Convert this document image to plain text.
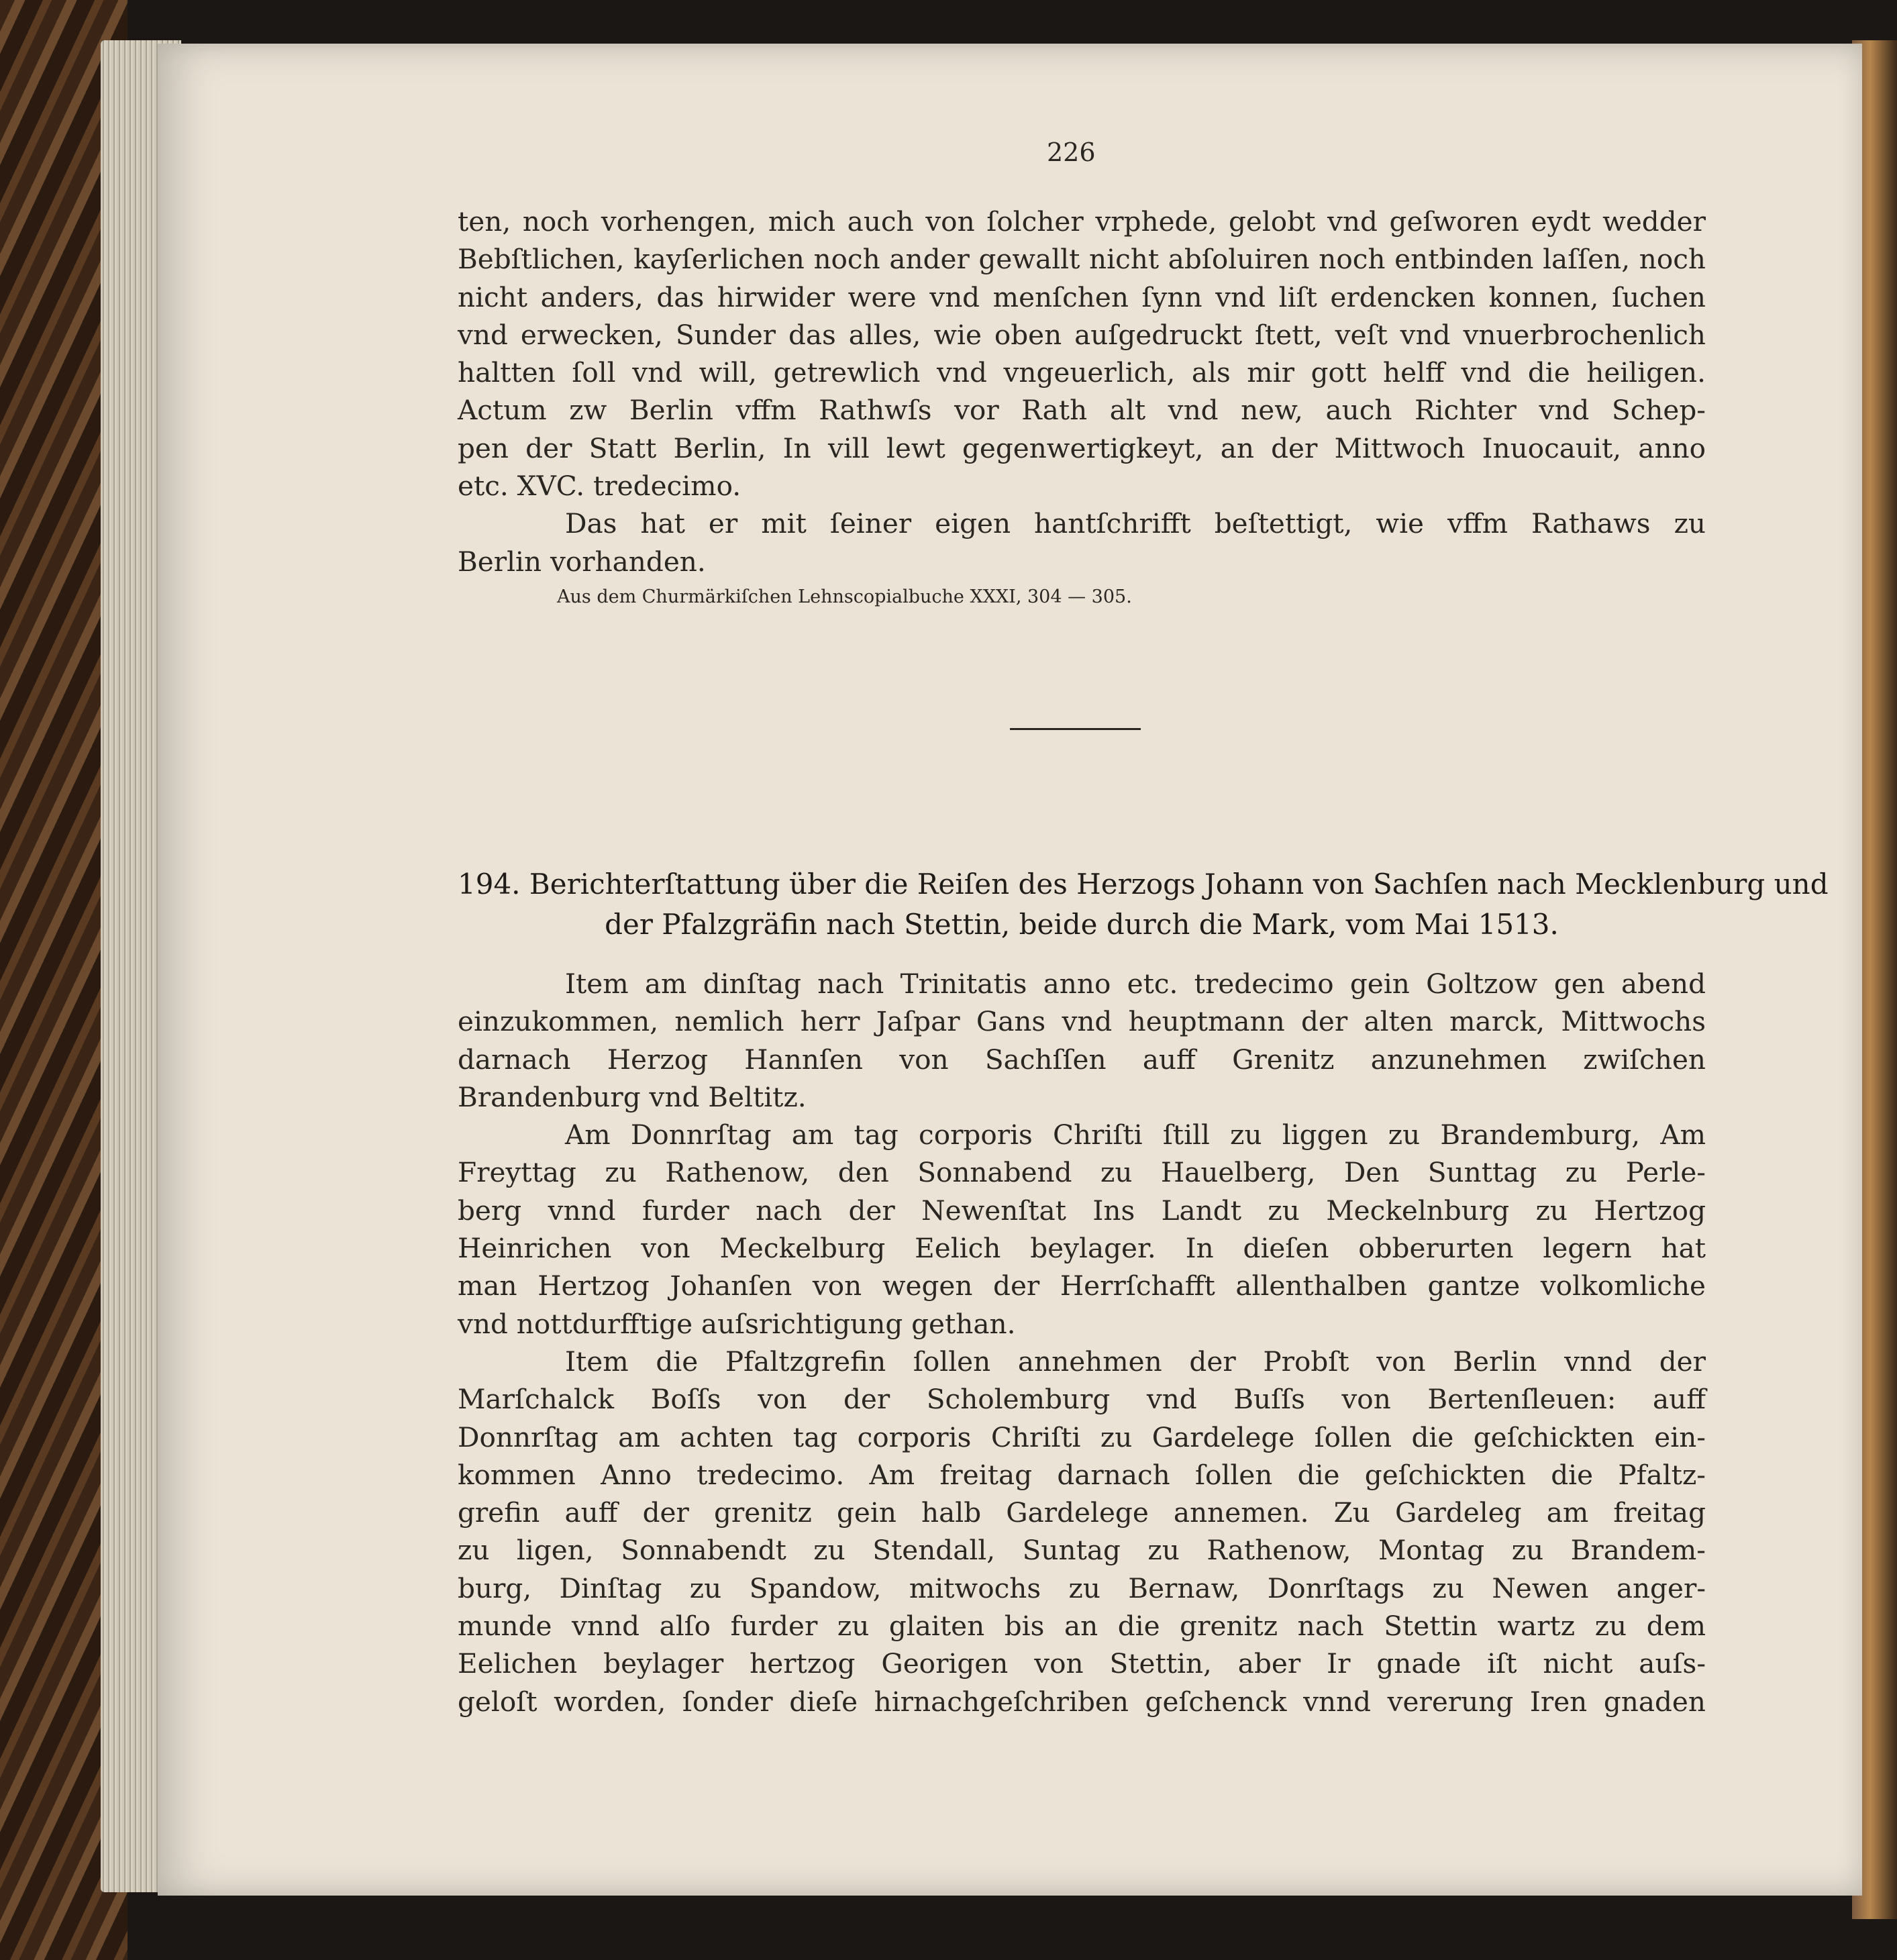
226
ten, noch vorhengen, mich auch von ſolcher vrphede, gelobt vnd geſworen eydt wedder
Bebſtlichen, kayſerlichen noch ander gewallt nicht abſoluiren noch entbinden laſſen, noch
nicht anders, das hirwider were vnd menſchen ſynn vnd liſt erdencken konnen, ſuchen
vnd erwecken, Sunder das alles, wie oben auſgedruckt ſtett, veſt vnd vnuerbrochenlich
haltten ſoll vnd will, getrewlich vnd vngeuerlich, als mir gott helff vnd die heiligen.
Actum zw Berlin vffm Rathwſs vor Rath alt vnd new, auch Richter vnd Schep-
pen der Statt Berlin, In vill lewt gegenwertigkeyt, an der Mittwoch Inuocauit, anno
etc. XVC. tredecimo.
Das hat er mit ſeiner eigen hantſchrifft beſtettigt, wie vffm Rathaws zu
Berlin vorhanden.
Aus dem Churmärkiſchen Lehnscopialbuche XXXI, 304 — 305.
194. Berichterſtattung über die Reiſen des Herzogs Johann von Sachſen nach Mecklenburg und
der Pfalzgräfin nach Stettin, beide durch die Mark, vom Mai 1513.
Item am dinſtag nach Trinitatis anno etc. tredecimo gein Goltzow gen abend
einzukommen, nemlich herr Jaſpar Gans vnd heuptmann der alten marck, Mittwochs
darnach Herzog Hannſen von Sachſſen auff Grenitz anzunehmen zwiſchen
Brandenburg vnd Beltitz.
Am Donnrſtag am tag corporis Chriſti ſtill zu liggen zu Brandemburg, Am
Freyttag zu Rathenow, den Sonnabend zu Hauelberg, Den Sunttag zu Perle-
berg vnnd furder nach der Newenſtat Ins Landt zu Meckelnburg zu Hertzog
Heinrichen von Meckelburg Eelich beylager. In dieſen obberurten legern hat
man Hertzog Johanſen von wegen der Herrſchafft allenthalben gantze volkomliche
vnd nottdurfftige auſsrichtigung gethan.
Item die Pfaltzgrefin ſollen annehmen der Probſt von Berlin vnnd der
Marſchalck Boſſs von der Scholemburg vnd Buſſs von Bertenſleuen: auff
Donnrſtag am achten tag corporis Chriſti zu Gardelege ſollen die geſchickten ein-
kommen Anno tredecimo. Am freitag darnach ſollen die geſchickten die Pfaltz-
grefin auff der grenitz gein halb Gardelege annemen. Zu Gardeleg am freitag
zu ligen, Sonnabendt zu Stendall, Suntag zu Rathenow, Montag zu Brandem-
burg, Dinſtag zu Spandow, mitwochs zu Bernaw, Donrſtags zu Newen anger-
munde vnnd alſo furder zu glaiten bis an die grenitz nach Stettin wartz zu dem
Eelichen beylager hertzog Georigen von Stettin, aber Ir gnade iſt nicht auſs-
geloſt worden, ſonder dieſe hirnachgeſchriben geſchenck vnnd vererung Iren gnaden
